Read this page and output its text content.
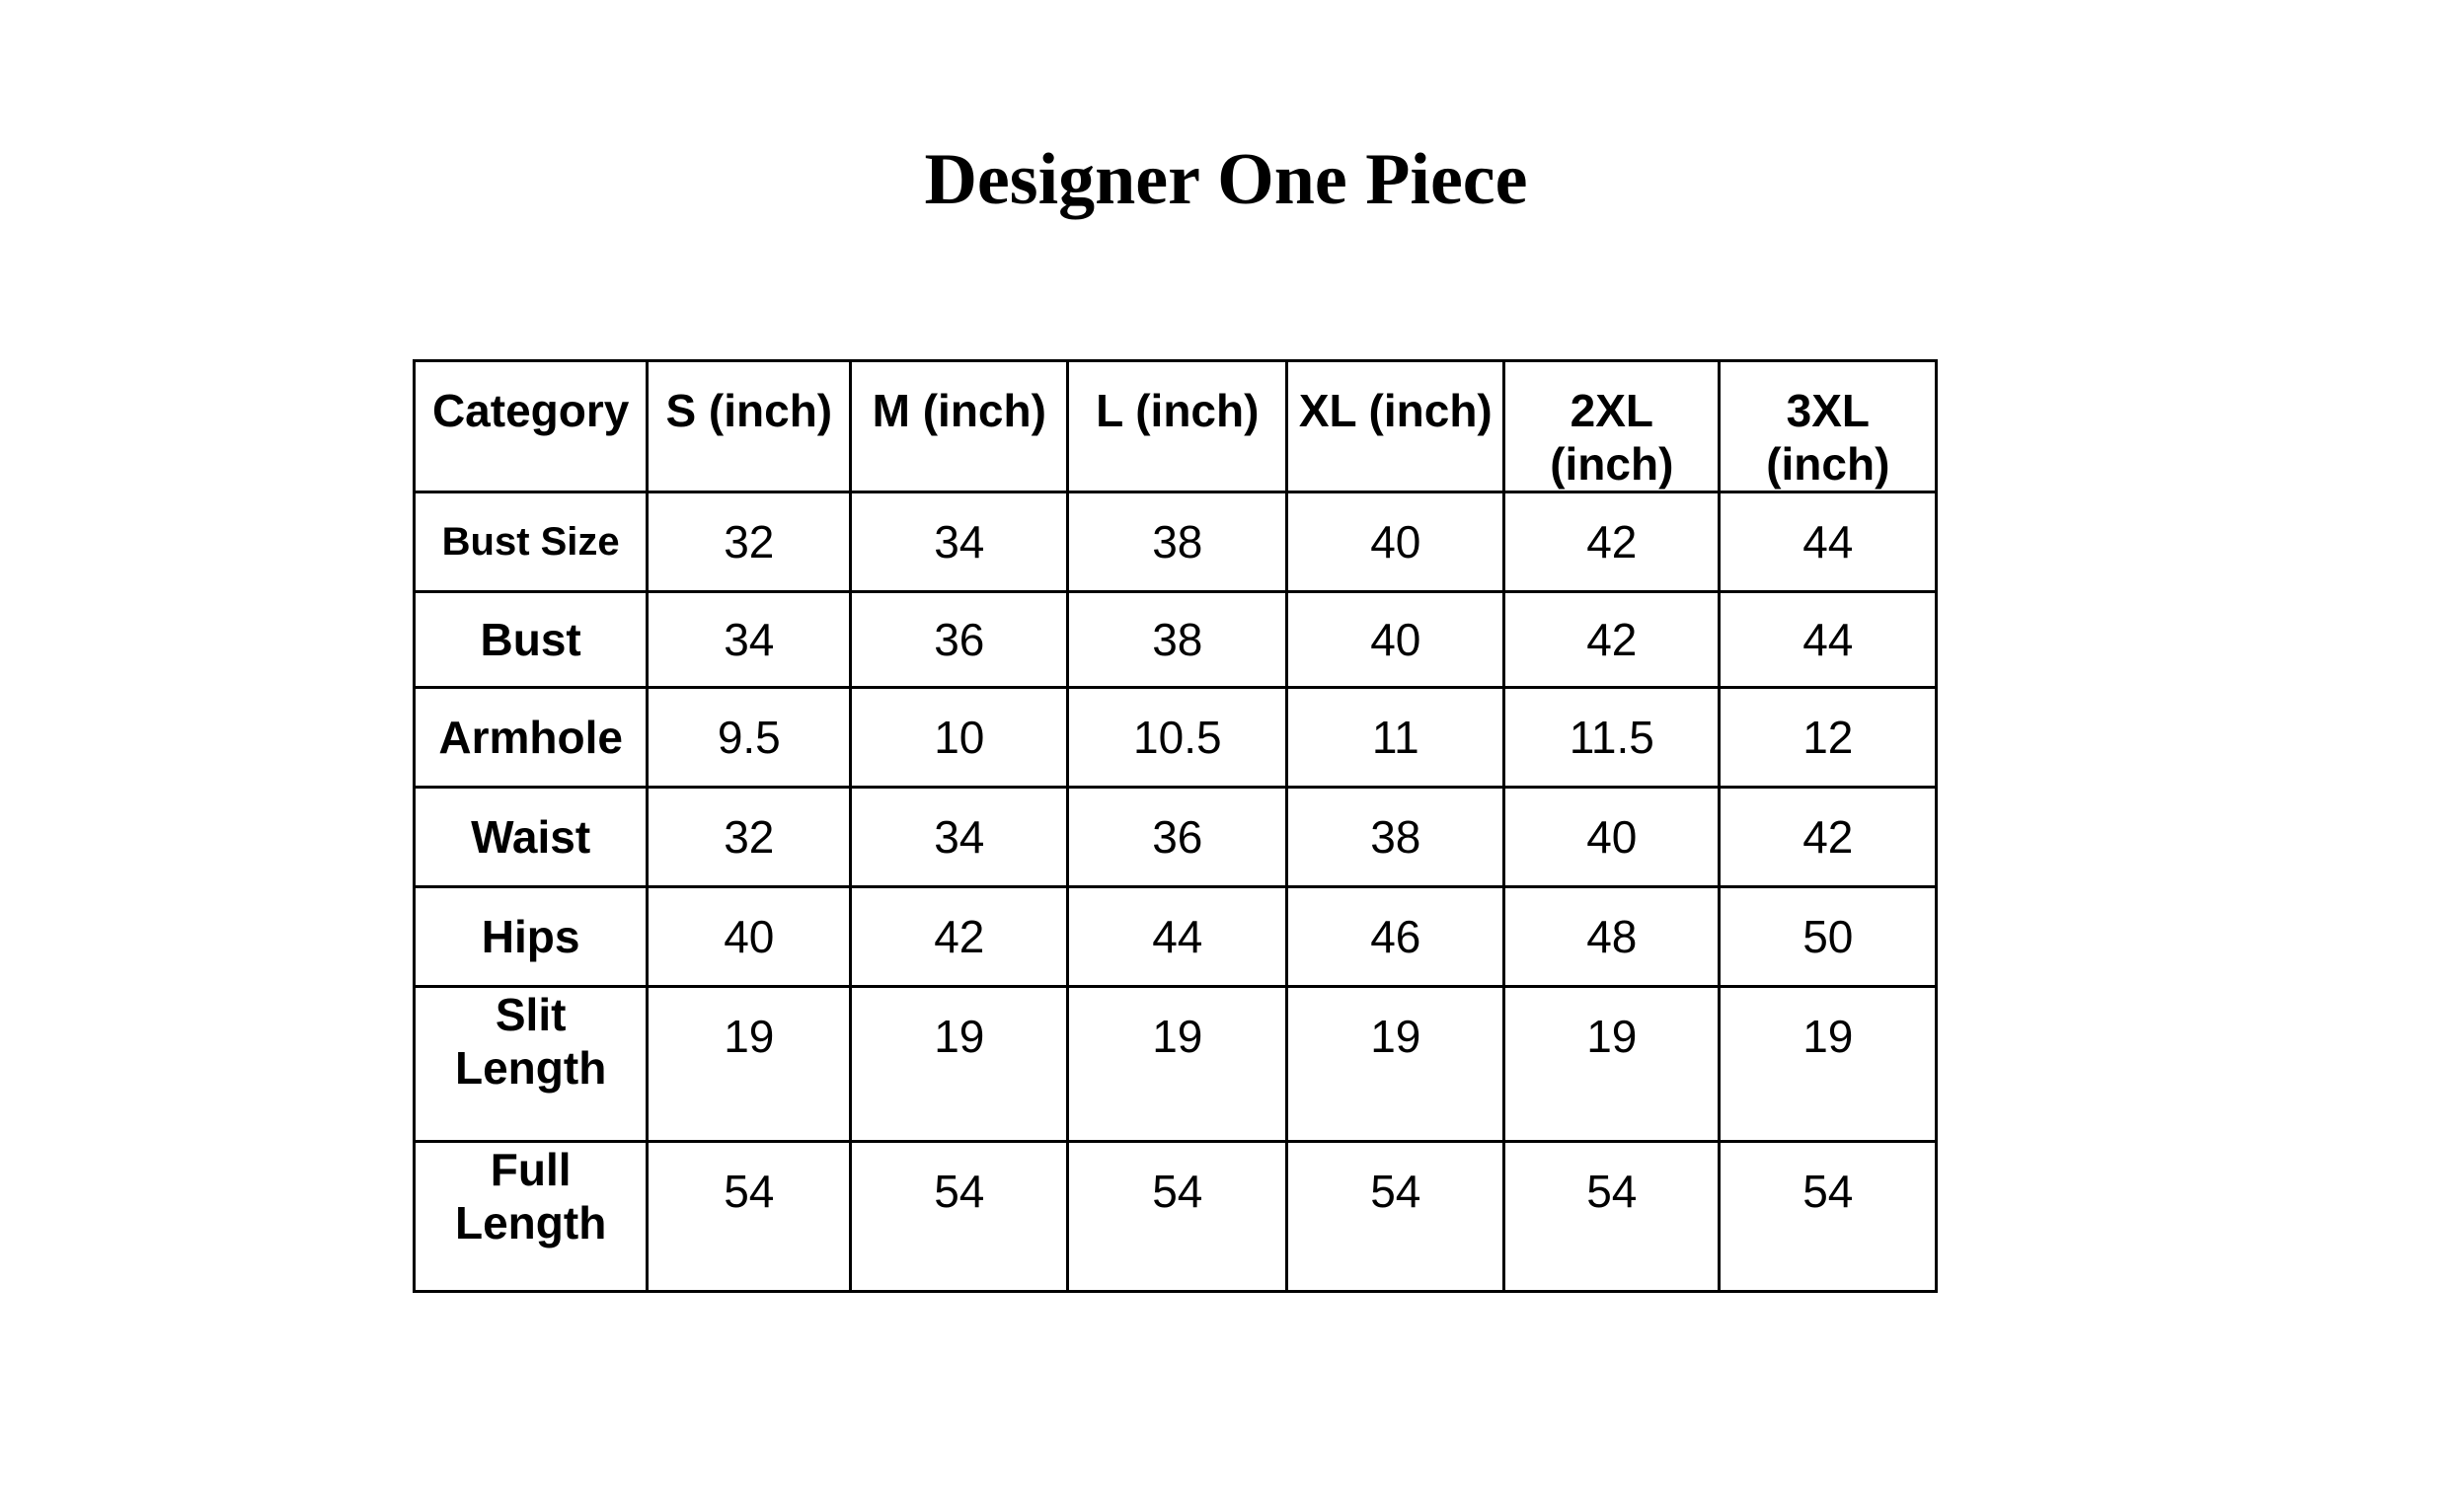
Designer One Piece
Category	S (inch)	M (inch)	L (inch)	XL (inch)	2XL (inch)	3XL (inch)
Bust Size	32	34	38	40	42	44
Bust	34	36	38	40	42	44
Armhole	9.5	10	10.5	11	11.5	12
Waist	32	34	36	38	40	42
Hips	40	42	44	46	48	50
Slit Length	19	19	19	19	19	19
Full Length	54	54	54	54	54	54
